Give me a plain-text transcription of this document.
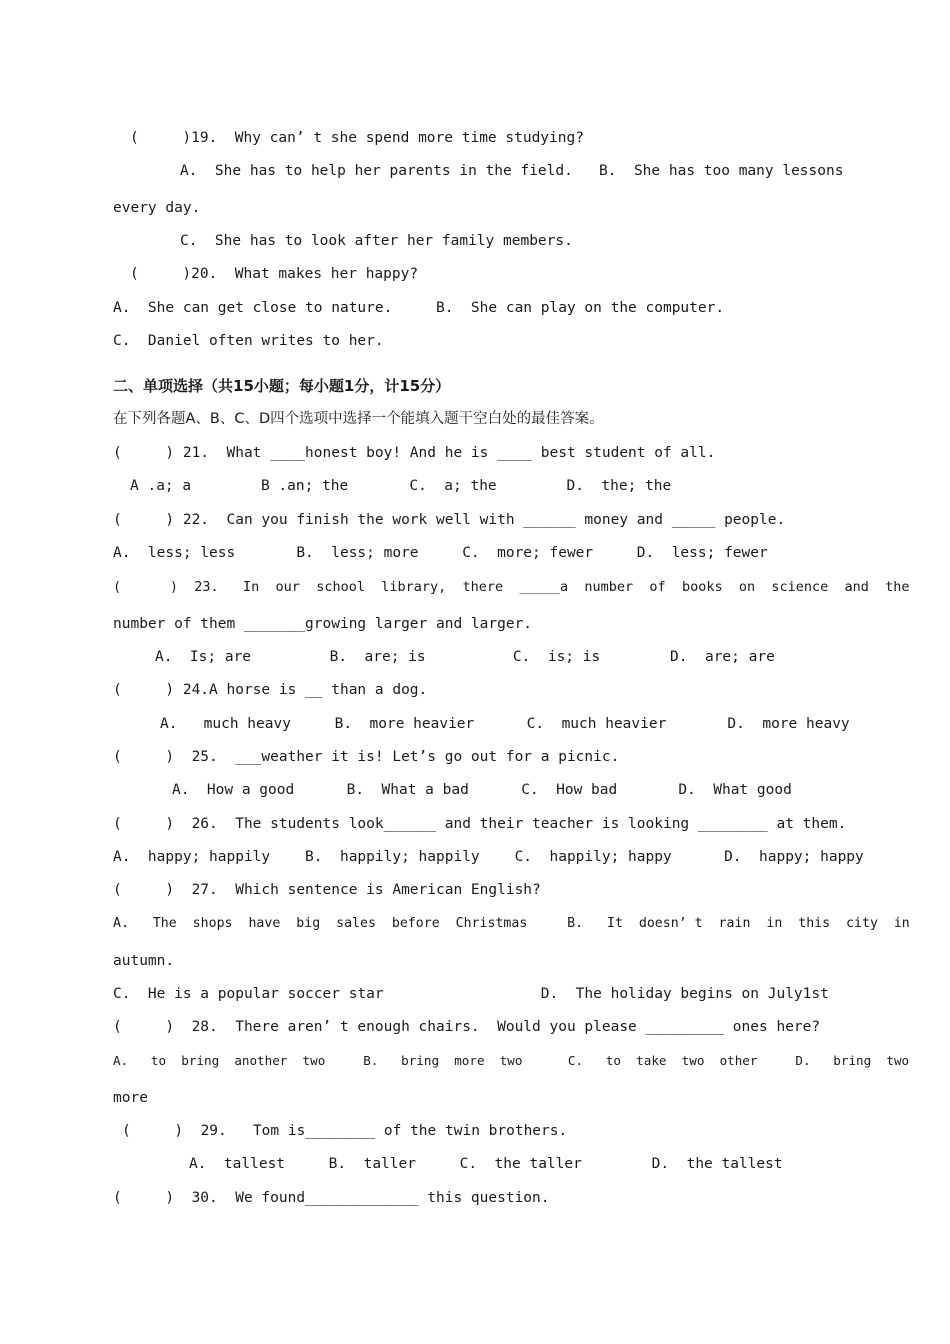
(     )19.  Why can’ t she spend more time studying?
A.  She has to help her parents in the field.   B.  She has too many lessons
every day.
C.  She has to look after her family members.
(     )20.  What makes her happy?
A.  She can get close to nature.     B.  She can play on the computer.
C.  Daniel often writes to her.
二、单项选择（共15小题；每小题1分，计15分）
在下列各题A、B、C、D四个选项中选择一个能填入题干空白处的最佳答案。
(     ) 21.  What ____honest boy! And he is ____ best student of all.
A .a; a        B .an; the       C.  a; the        D.  the; the
(     ) 22.  Can you finish the work well with ______ money and _____ people.
A.  less; less       B.  less; more     C.  more; fewer     D.  less; fewer
(      )  23.   In  our  school  library,  there  _____a  number  of  books  on  science  and  the
number of them _______growing larger and larger.
A.  Is; are         B.  are; is          C.  is; is        D.  are; are
(     ) 24.A horse is __ than a dog.
A.   much heavy     B.  more heavier      C.  much heavier       D.  more heavy
(     )  25.  ___weather it is! Let’s go out for a picnic.
A.  How a good      B.  What a bad      C.  How bad       D.  What good
(     )  26.  The students look______ and their teacher is looking ________ at them.
A.  happy; happily    B.  happily; happily    C.  happily; happy      D.  happy; happy
(     )  27.  Which sentence is American English?
A.   The  shops  have  big  sales  before  Christmas     B.   It  doesn’ t  rain  in  this  city  in
autumn.
C.  He is a popular soccer star                  D.  The holiday begins on July1st
(     )  28.  There aren’ t enough chairs.  Would you please _________ ones here?
A.   to  bring  another  two     B.   bring  more  two      C.   to  take  two  other     D.   bring  two
more
(     )  29.   Tom is________ of the twin brothers.
A.  tallest     B.  taller     C.  the taller        D.  the tallest
(     )  30.  We found_____________ this question.
